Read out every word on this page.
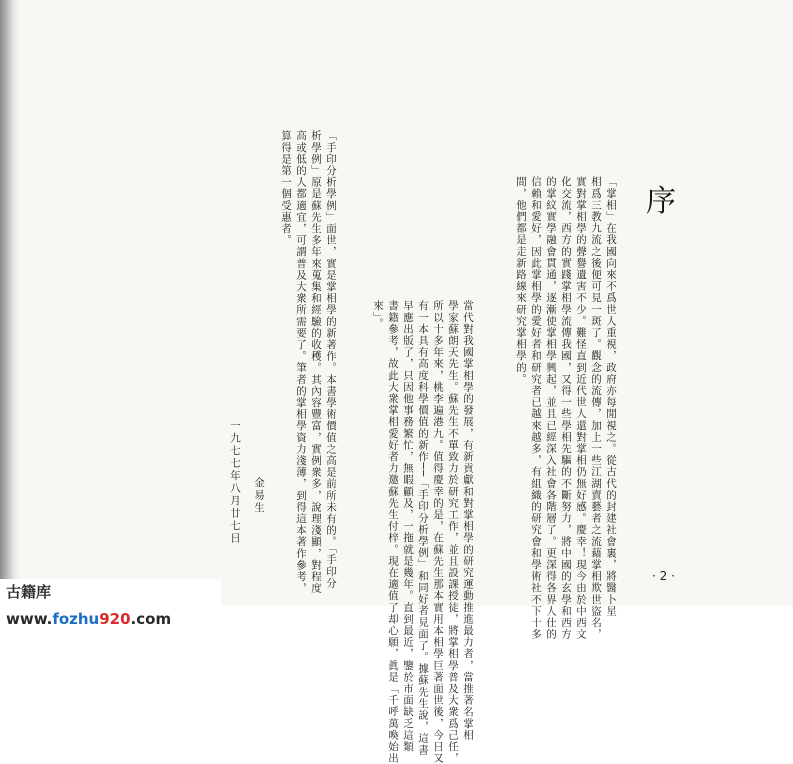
序
「掌相」在我國向來不爲世人重視，政府亦每閒視之。從古代的封建社會裏，將醫卜星
相爲三教九流之後便可見一斑了。觀念的流傳，加上一些江湖賣藝者之流藉掌相欺世盜名，
實對掌相學的聲譽遺害不少。難怪直到近代世人還對掌相仍無好感。慶幸！現今由於中西文
化交流，西方的實踐掌相學流傳我國，又得一些學相先驅的不斷努力，將中國的玄學和西方
的掌紋實學融會貫通，逐漸使掌相學興起，並且已經深入社會各階層了。更深得各界人仕的
信賴和愛好，因此掌相學的愛好者和研究者已越來越多，有組織的研究會和學術社不下十多
間，他們都是走新路線來研究掌相學的。
當代對我國掌相學的發展，有新貢獻和對掌相學的研究運動推進最力者，當推著名掌相
學家蘇朗天先生。蘇先生不單致力於研究工作，並且設課授徒，將掌相學普及大衆爲己任，
所以十多年來，桃李遍港九。值得慶幸的是，在蘇先生那本實用本相學巨著面世後，今日又
有一本具有高度科學價值的新作──「手印分析學例」和同好者見面了。據蘇先生說，這書
早應出版了，只因他事務繁忙，無暇顧及，一拖就是幾年。直到最近，鑒於市面缺乏這類
書籍參考，故此大衆掌相愛好者力邀蘇先生付梓。現在適值了却心願，眞是「千呼萬喚始出
來」。
「手印分析學例」面世，實是掌相學的新著作。本書學術價值之高是前所未有的。「手印分
析學例」原是蘇先生多年來蒐集和經驗的收穫。其內容豐富，實例衆多，說理淺顯，對程度
高或低的人都適宜，可謂普及大衆所需要了。筆者的掌相學資力淺薄，到得這本著作參考，
算得是第一個受惠者。
金易生
一九七七年八月廿七日
· 2 ·
古籍库 www.fozhu920.com
